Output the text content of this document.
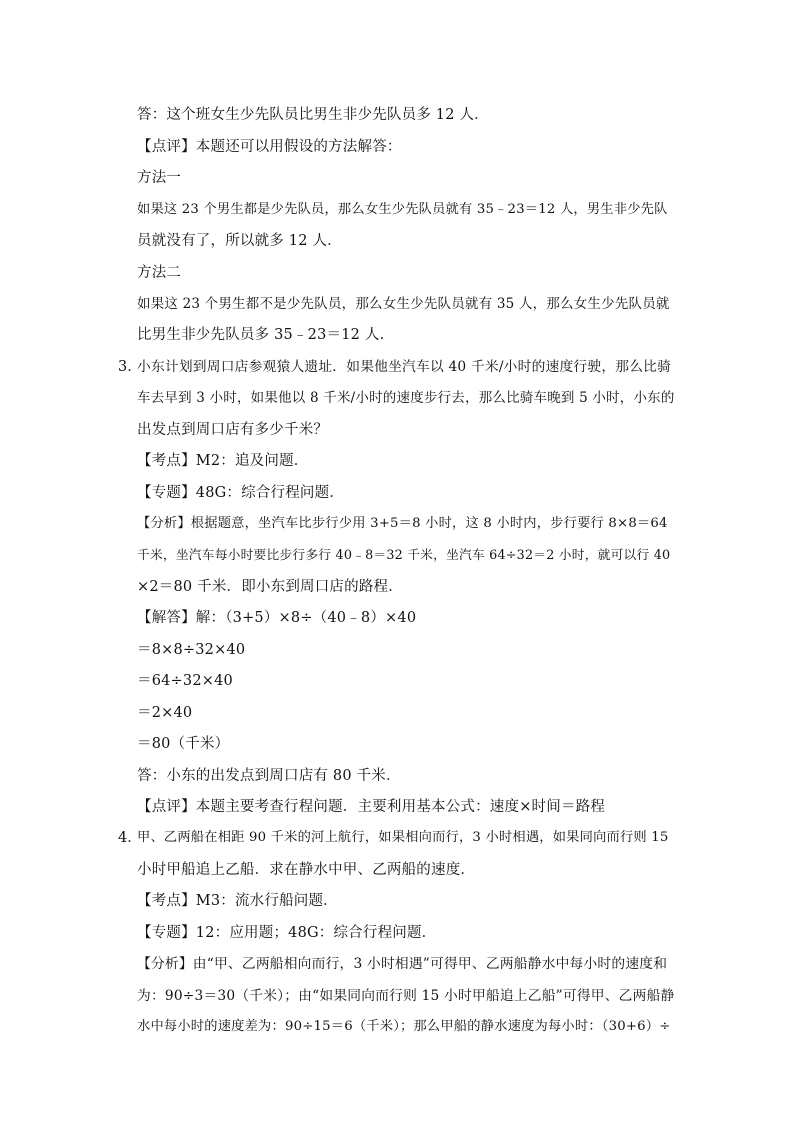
答：这个班女生少先队员比男生非少先队员多 12 人．
【点评】本题还可以用假设的方法解答：
方法一
如果这 23 个男生都是少先队员，那么女生少先队员就有 35﹣23＝12 人，男生非少先队
员就没有了，所以就多 12 人．
方法二
如果这 23 个男生都不是少先队员，那么女生少先队员就有 35 人，那么女生少先队员就
比男生非少先队员多 35﹣23＝12 人．
3．
小东计划到周口店参观猿人遗址．如果他坐汽车以 40 千米/小时的速度行驶，那么比骑
车去早到 3 小时，如果他以 8 千米/小时的速度步行去，那么比骑车晚到 5 小时，小东的
出发点到周口店有多少千米？
【考点】M2：追及问题．
【专题】48G：综合行程问题．
【分析】根据题意，坐汽车比步行少用 3+5＝8 小时，这 8 小时内，步行要行 8×8＝64
千米，坐汽车每小时要比步行多行 40﹣8＝32 千米，坐汽车 64÷32＝2 小时，就可以行 40
×2＝80 千米．即小东到周口店的路程．
【解答】解：（3+5）×8÷（40﹣8）×40
＝8×8÷32×40
＝64÷32×40
＝2×40
＝80（千米）
答：小东的出发点到周口店有 80 千米．
【点评】本题主要考查行程问题．主要利用基本公式：速度×时间＝路程
4．
甲、乙两船在相距 90 千米的河上航行，如果相向而行，3 小时相遇，如果同向而行则 15
小时甲船追上乙船．求在静水中甲、乙两船的速度．
【考点】M3：流水行船问题．
【专题】12：应用题；48G：综合行程问题．
【分析】由“甲、乙两船相向而行，3 小时相遇”可得甲、乙两船静水中每小时的速度和
为：90÷3＝30（千米）；由“如果同向而行则 15 小时甲船追上乙船”可得甲、乙两船静
水中每小时的速度差为：90÷15＝6（千米）；那么甲船的静水速度为每小时：（30+6）÷
